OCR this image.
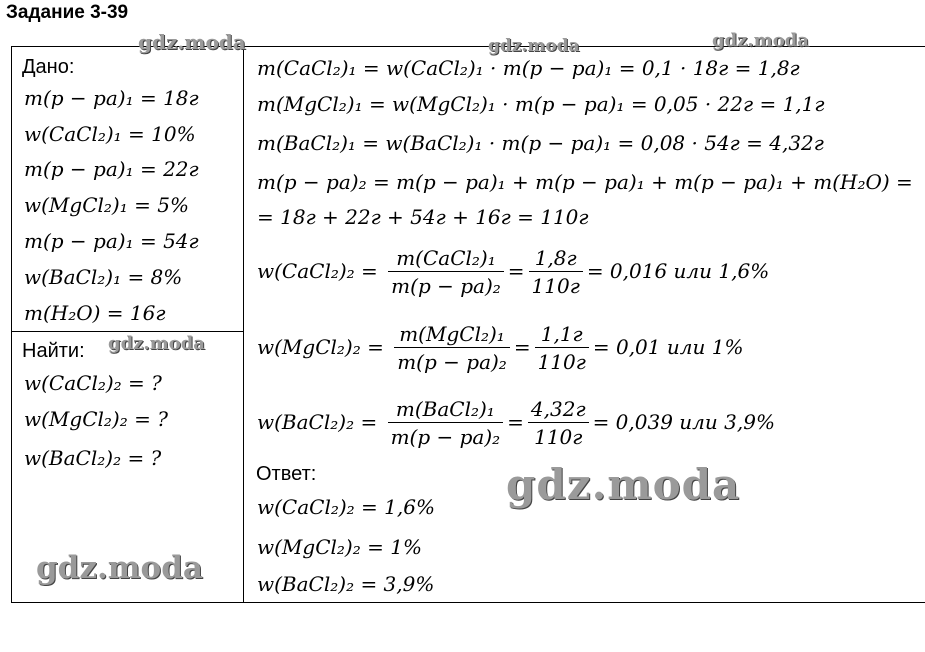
Задание 3-39
Дано:
m(p − pa)₁ = 18г
w(CaCl₂)₁ = 10%
m(p − pa)₁ = 22г
w(MgCl₂)₁ = 5%
m(p − pa)₁ = 54г
w(BaCl₂)₁ = 8%
m(H₂O) = 16г
Найти:
w(CaCl₂)₂ = ?
w(MgCl₂)₂ = ?
w(BaCl₂)₂ = ?
m(CaCl₂)₁ = w(CaCl₂)₁ · m(p − pa)₁ = 0,1 · 18г = 1,8г
m(MgCl₂)₁ = w(MgCl₂)₁ · m(p − pa)₁ = 0,05 · 22г = 1,1г
m(BaCl₂)₁ = w(BaCl₂)₁ · m(p − pa)₁ = 0,08 · 54г = 4,32г
m(p − pa)₂ = m(p − pa)₁ + m(p − pa)₁ + m(p − pa)₁ + m(H₂O) =
= 18г + 22г + 54г + 16г = 110г
w(CaCl₂)₂ = $\frac{\text{m(CaCl₂)₁}}{\text{m(p − pa)₂}} = \frac{1,8г}{110г} = 0,016$ или 1,6%
w(MgCl₂)₂ = $\frac{\text{m(MgCl₂)₁}}{\text{m(p − pa)₂}} = \frac{1,1г}{110г} = 0,01$ или 1%
w(BaCl₂)₂ = $\frac{\text{m(BaCl₂)₁}}{\text{m(p − pa)₂}} = \frac{4,32г}{110г} = 0,039$ или 3,9%
Ответ:
w(CaCl₂)₂ = 1,6%
w(MgCl₂)₂ = 1%
w(BaCl₂)₂ = 3,9%
gdz.moda	gdz.moda	gdz.moda
gdz.moda
gdz.moda
gdz.moda
